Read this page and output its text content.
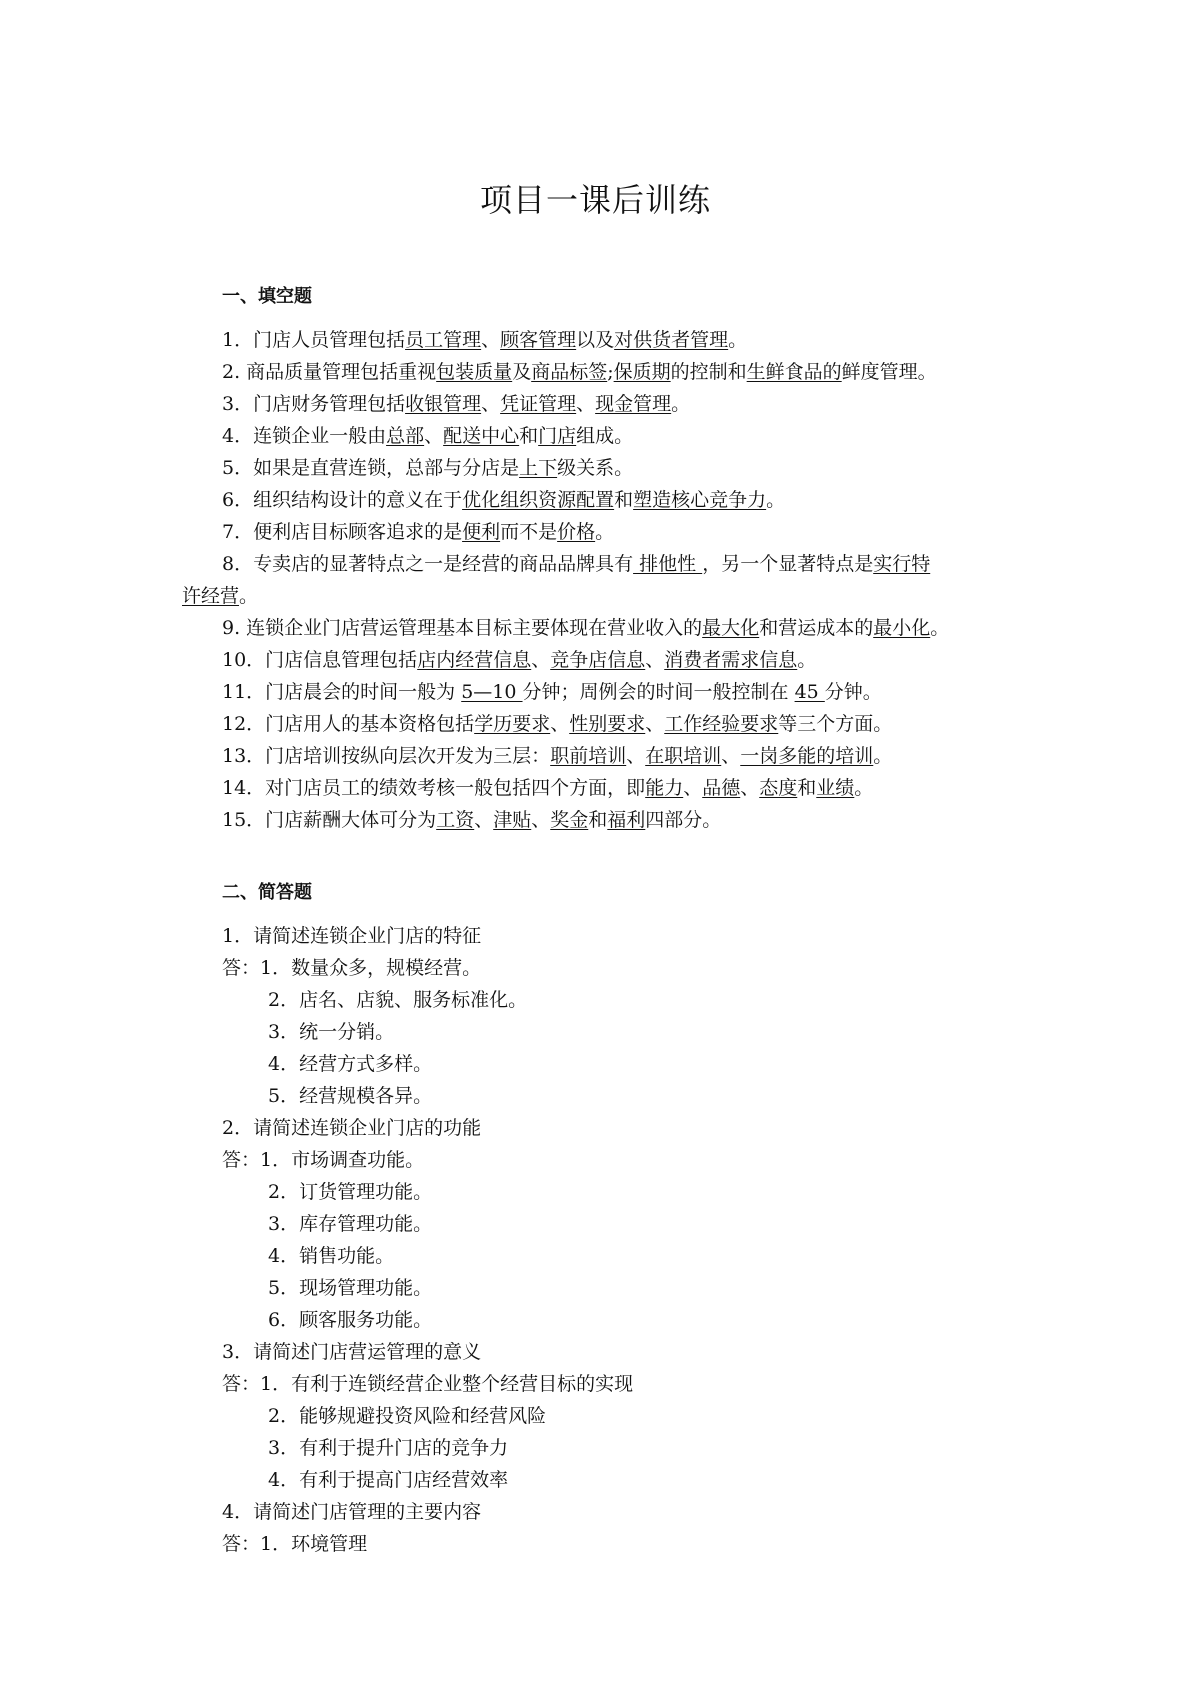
项目一课后训练
一、填空题
1．门店人员管理包括员工管理、顾客管理以及对供货者管理。
2. 商品质量管理包括重视包装质量及商品标签;保质期的控制和生鲜食品的鲜度管理。
3．门店财务管理包括收银管理、凭证管理、现金管理。
4．连锁企业一般由总部、配送中心和门店组成。
5．如果是直营连锁，总部与分店是上下级关系。
6．组织结构设计的意义在于优化组织资源配置和塑造核心竞争力。
7．便利店目标顾客追求的是便利而不是价格。
8．专卖店的显著特点之一是经营的商品品牌具有 排他性 ，另一个显著特点是实行特
许经营。
9. 连锁企业门店营运管理基本目标主要体现在营业收入的最大化和营运成本的最小化。
10．门店信息管理包括店内经营信息、竞争店信息、消费者需求信息。
11．门店晨会的时间一般为 5—10 分钟；周例会的时间一般控制在 45 分钟。
12．门店用人的基本资格包括学历要求、性别要求、工作经验要求等三个方面。
13．门店培训按纵向层次开发为三层：职前培训、在职培训、一岗多能的培训。
14．对门店员工的绩效考核一般包括四个方面，即能力、品德、态度和业绩。
15．门店薪酬大体可分为工资、津贴、奖金和福利四部分。
二、简答题
1．请简述连锁企业门店的特征
答：1．数量众多，规模经营。
2．店名、店貌、服务标准化。
3．统一分销。
4．经营方式多样。
5．经营规模各异。
2．请简述连锁企业门店的功能
答：1．市场调查功能。
2．订货管理功能。
3．库存管理功能。
4．销售功能。
5．现场管理功能。
6．顾客服务功能。
3．请简述门店营运管理的意义
答：1．有利于连锁经营企业整个经营目标的实现
2．能够规避投资风险和经营风险
3．有利于提升门店的竞争力
4．有利于提高门店经营效率
4．请简述门店管理的主要内容
答：1．环境管理
